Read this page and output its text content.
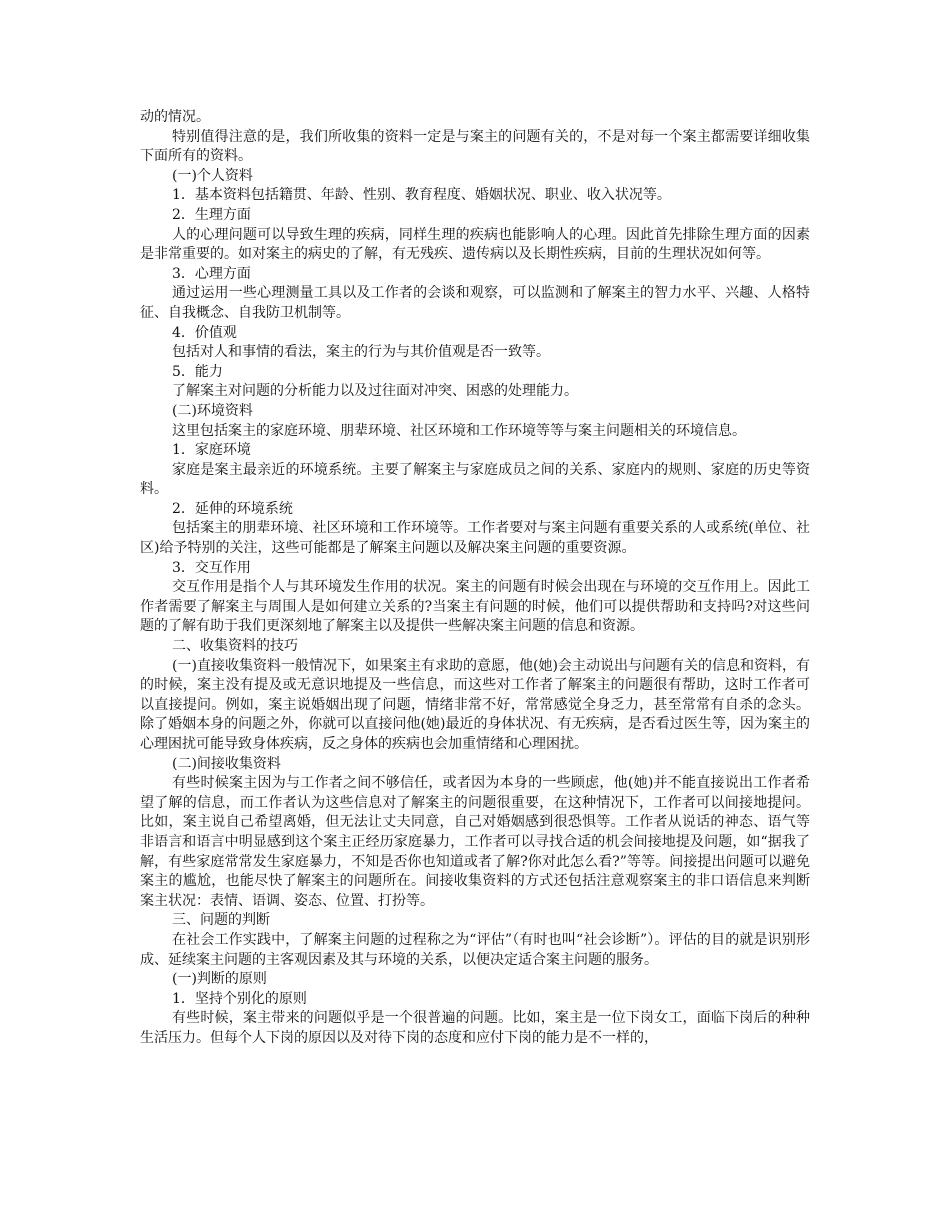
动的情况。

特别值得注意的是，我们所收集的资料一定是与案主的问题有关的，不是对每一个案主都需要详细收集下面所有的资料。

(一)个人资料

1．基本资料包括籍贯、年龄、性别、教育程度、婚姻状况、职业、收入状况等。

2．生理方面

人的心理问题可以导致生理的疾病，同样生理的疾病也能影响人的心理。因此首先排除生理方面的因素是非常重要的。如对案主的病史的了解，有无残疾、遗传病以及长期性疾病，目前的生理状况如何等。

3．心理方面

通过运用一些心理测量工具以及工作者的会谈和观察，可以监测和了解案主的智力水平、兴趣、人格特征、自我概念、自我防卫机制等。

4．价值观

包括对人和事情的看法，案主的行为与其价值观是否一致等。

5．能力

了解案主对问题的分析能力以及过往面对冲突、困惑的处理能力。

(二)环境资料

这里包括案主的家庭环境、朋辈环境、社区环境和工作环境等等与案主问题相关的环境信息。

1．家庭环境

家庭是案主最亲近的环境系统。主要了解案主与家庭成员之间的关系、家庭内的规则、家庭的历史等资料。

2．延伸的环境系统

包括案主的朋辈环境、社区环境和工作环境等。工作者要对与案主问题有重要关系的人或系统(单位、社区)给予特别的关注，这些可能都是了解案主问题以及解决案主问题的重要资源。

3．交互作用

交互作用是指个人与其环境发生作用的状况。案主的问题有时候会出现在与环境的交互作用上。因此工作者需要了解案主与周围人是如何建立关系的?当案主有问题的时候，他们可以提供帮助和支持吗?对这些问题的了解有助于我们更深刻地了解案主以及提供一些解决案主问题的信息和资源。

二、收集资料的技巧

(一)直接收集资料一般情况下，如果案主有求助的意愿，他(她)会主动说出与问题有关的信息和资料，有的时候，案主没有提及或无意识地提及一些信息，而这些对工作者了解案主的问题很有帮助，这时工作者可以直接提问。例如，案主说婚姻出现了问题，情绪非常不好，常常感觉全身乏力，甚至常常有自杀的念头。除了婚姻本身的问题之外，你就可以直接问他(她)最近的身体状况、有无疾病，是否看过医生等，因为案主的心理困扰可能导致身体疾病，反之身体的疾病也会加重情绪和心理困扰。

(二)间接收集资料

有些时候案主因为与工作者之间不够信任，或者因为本身的一些顾虑，他(她)并不能直接说出工作者希望了解的信息，而工作者认为这些信息对了解案主的问题很重要，在这种情况下，工作者可以间接地提问。比如，案主说自己希望离婚，但无法让丈夫同意，自己对婚姻感到很恐惧等。工作者从说话的神态、语气等非语言和语言中明显感到这个案主正经历家庭暴力，工作者可以寻找合适的机会间接地提及问题，如“据我了解，有些家庭常常发生家庭暴力，不知是否你也知道或者了解?你对此怎么看?”等等。间接提出问题可以避免案主的尴尬，也能尽快了解案主的问题所在。间接收集资料的方式还包括注意观察案主的非口语信息来判断案主状况：表情、语调、姿态、位置、打扮等。

三、问题的判断

在社会工作实践中，了解案主问题的过程称之为“评估”（有时也叫“社会诊断”）。评估的目的就是识别形成、延续案主问题的主客观因素及其与环境的关系，以便决定适合案主问题的服务。

(一)判断的原则

1．坚持个别化的原则

有些时候，案主带来的问题似乎是一个很普遍的问题。比如，案主是一位下岗女工，面临下岗后的种种生活压力。但每个人下岗的原因以及对待下岗的态度和应付下岗的能力是不一样的，
